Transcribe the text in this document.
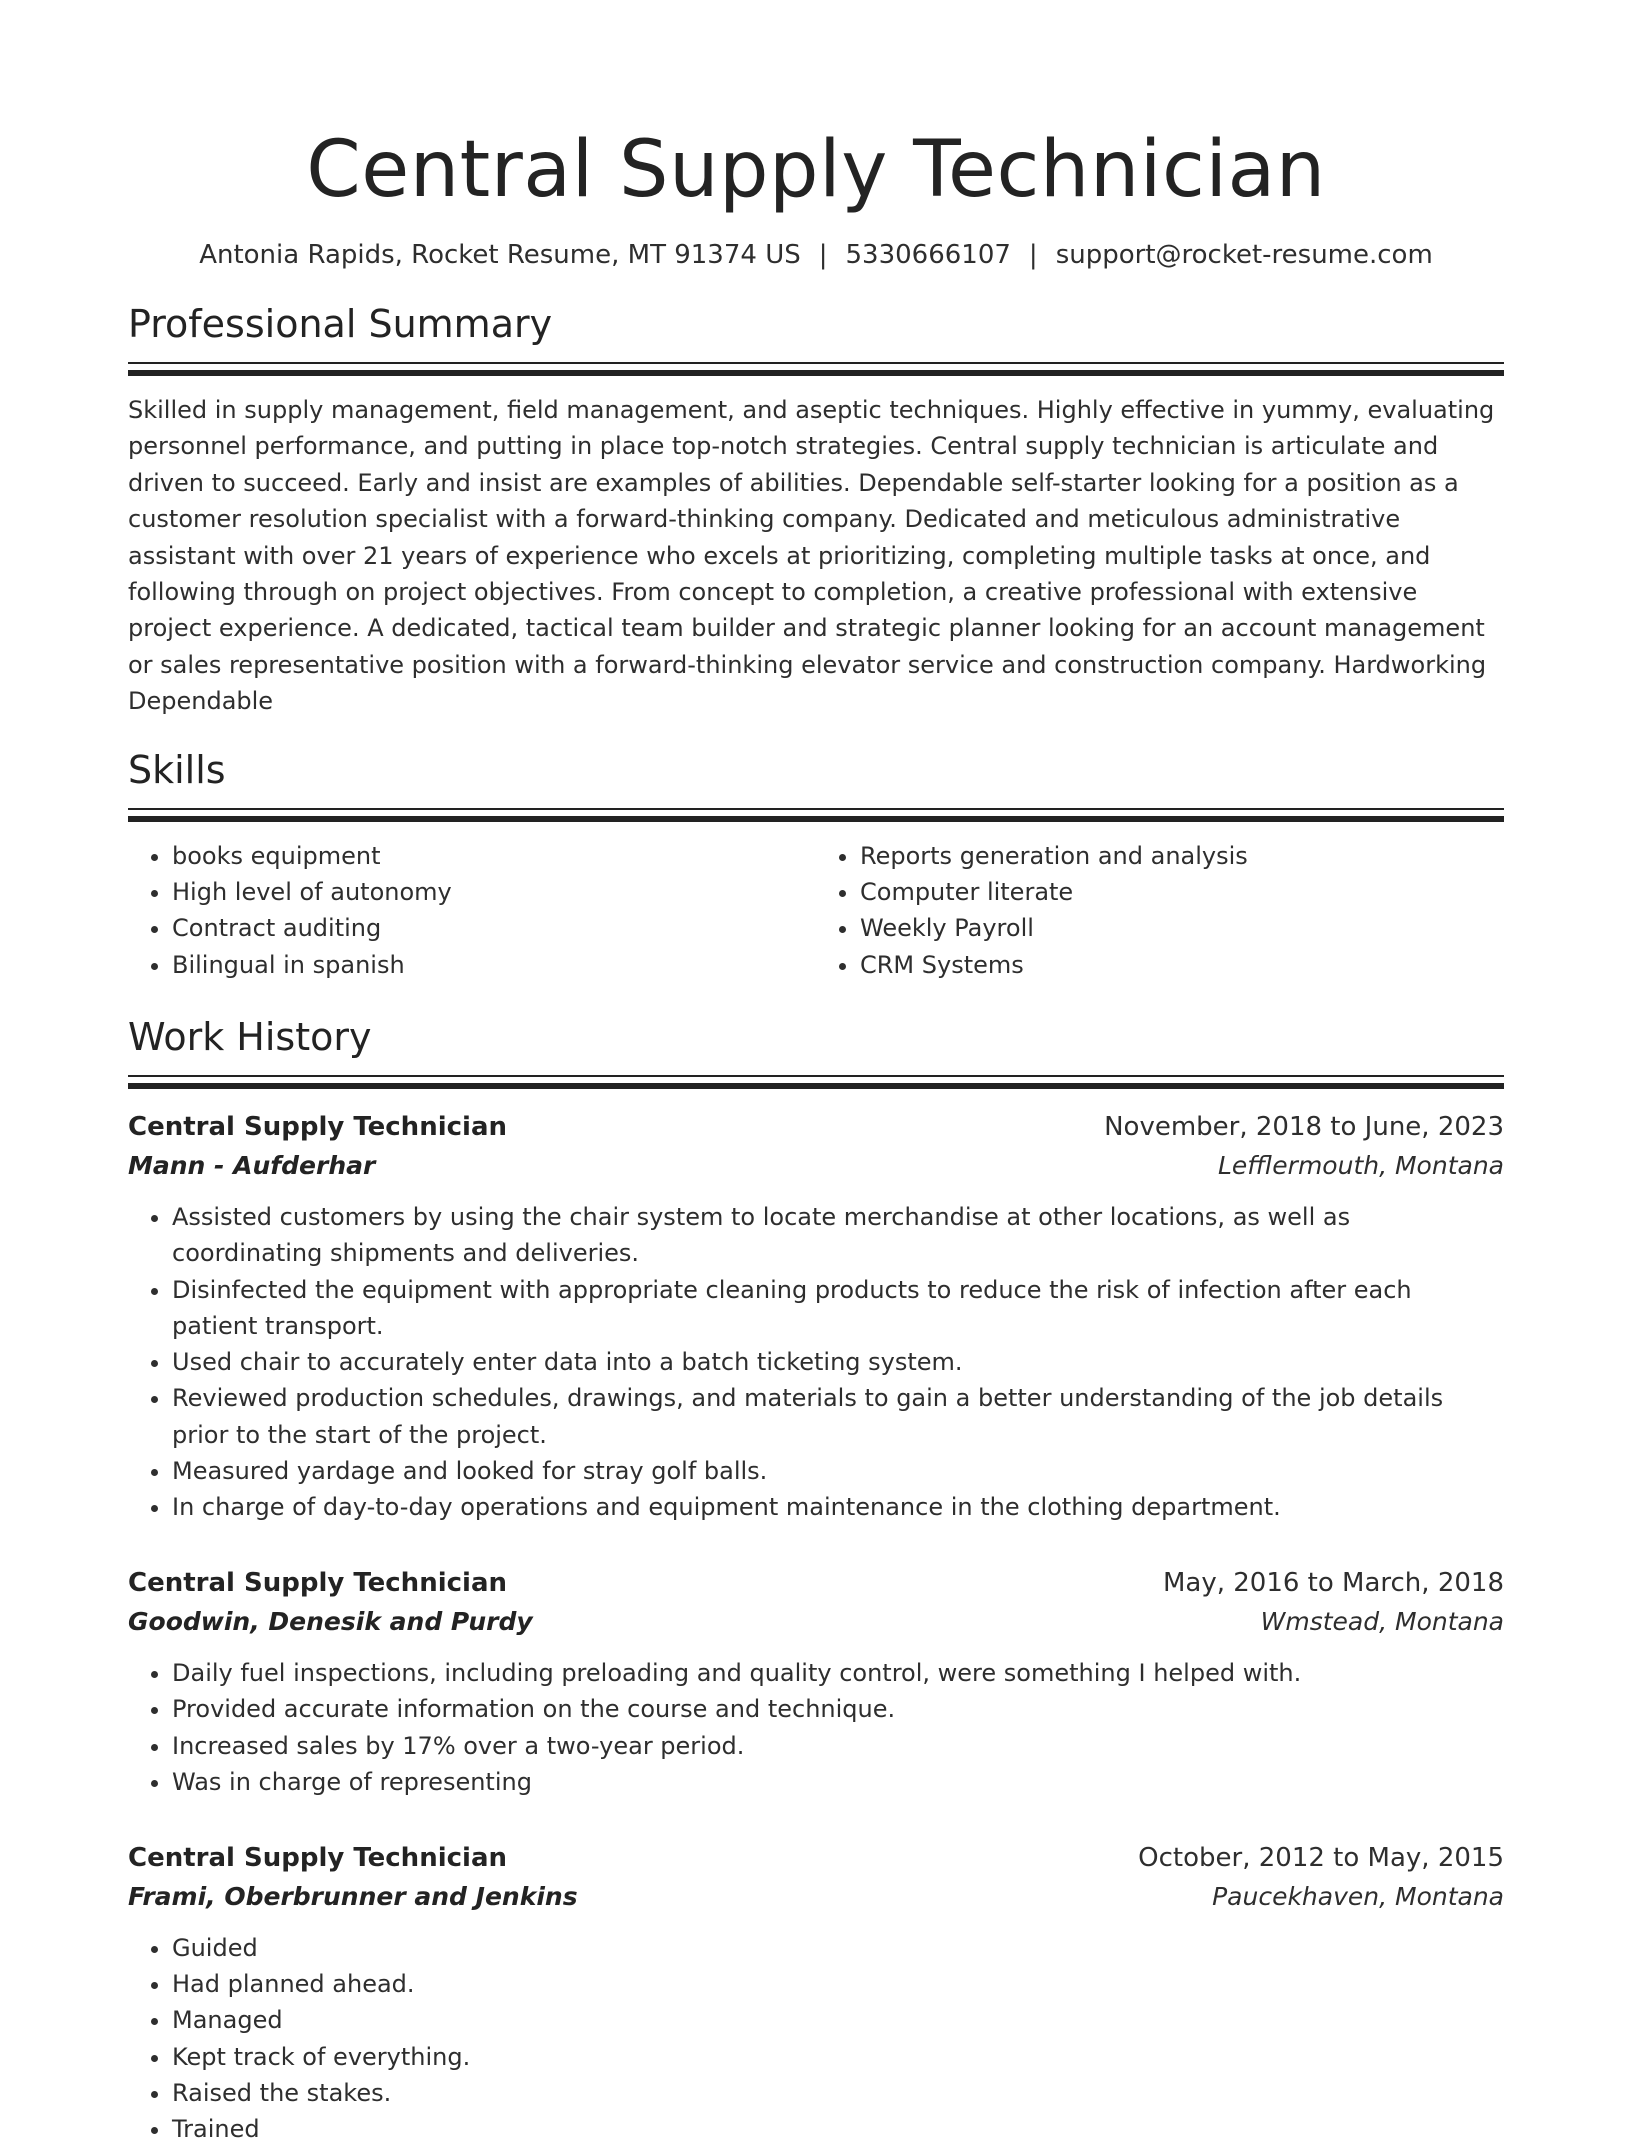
Central Supply Technician
Antonia Rapids, Rocket Resume, MT 91374 US | 5330666107 | support@rocket-resume.com
Professional Summary

Skilled in supply management, field management, and aseptic techniques. Highly effective in yummy, evaluating personnel performance, and putting in place top-notch strategies. Central supply technician is articulate and driven to succeed. Early and insist are examples of abilities. Dependable self-starter looking for a position as a customer resolution specialist with a forward-thinking company. Dedicated and meticulous administrative assistant with over 21 years of experience who excels at prioritizing, completing multiple tasks at once, and following through on project objectives. From concept to completion, a creative professional with extensive project experience. A dedicated, tactical team builder and strategic planner looking for an account management or sales representative position with a forward-thinking elevator service and construction company. Hardworking Dependable

Skills
• books equipment
• High level of autonomy
• Contract auditing
• Bilingual in spanish
• Reports generation and analysis
• Computer literate
• Weekly Payroll
• CRM Systems
Work History
Central Supply Technician	November, 2018 to June, 2023
Mann - Aufderhar	Lefflermouth, Montana
• Assisted customers by using the chair system to locate merchandise at other locations, as well as coordinating shipments and deliveries.
• Disinfected the equipment with appropriate cleaning products to reduce the risk of infection after each patient transport.
• Used chair to accurately enter data into a batch ticketing system.
• Reviewed production schedules, drawings, and materials to gain a better understanding of the job details prior to the start of the project.
• Measured yardage and looked for stray golf balls.
• In charge of day-to-day operations and equipment maintenance in the clothing department.
Central Supply Technician	May, 2016 to March, 2018
Goodwin, Denesik and Purdy	Wmstead, Montana
• Daily fuel inspections, including preloading and quality control, were something I helped with.
• Provided accurate information on the course and technique.
• Increased sales by 17% over a two-year period.
• Was in charge of representing
Central Supply Technician	October, 2012 to May, 2015
Frami, Oberbrunner and Jenkins	Paucekhaven, Montana
• Guided
• Had planned ahead.
• Managed
• Kept track of everything.
• Raised the stakes.
• Trained
